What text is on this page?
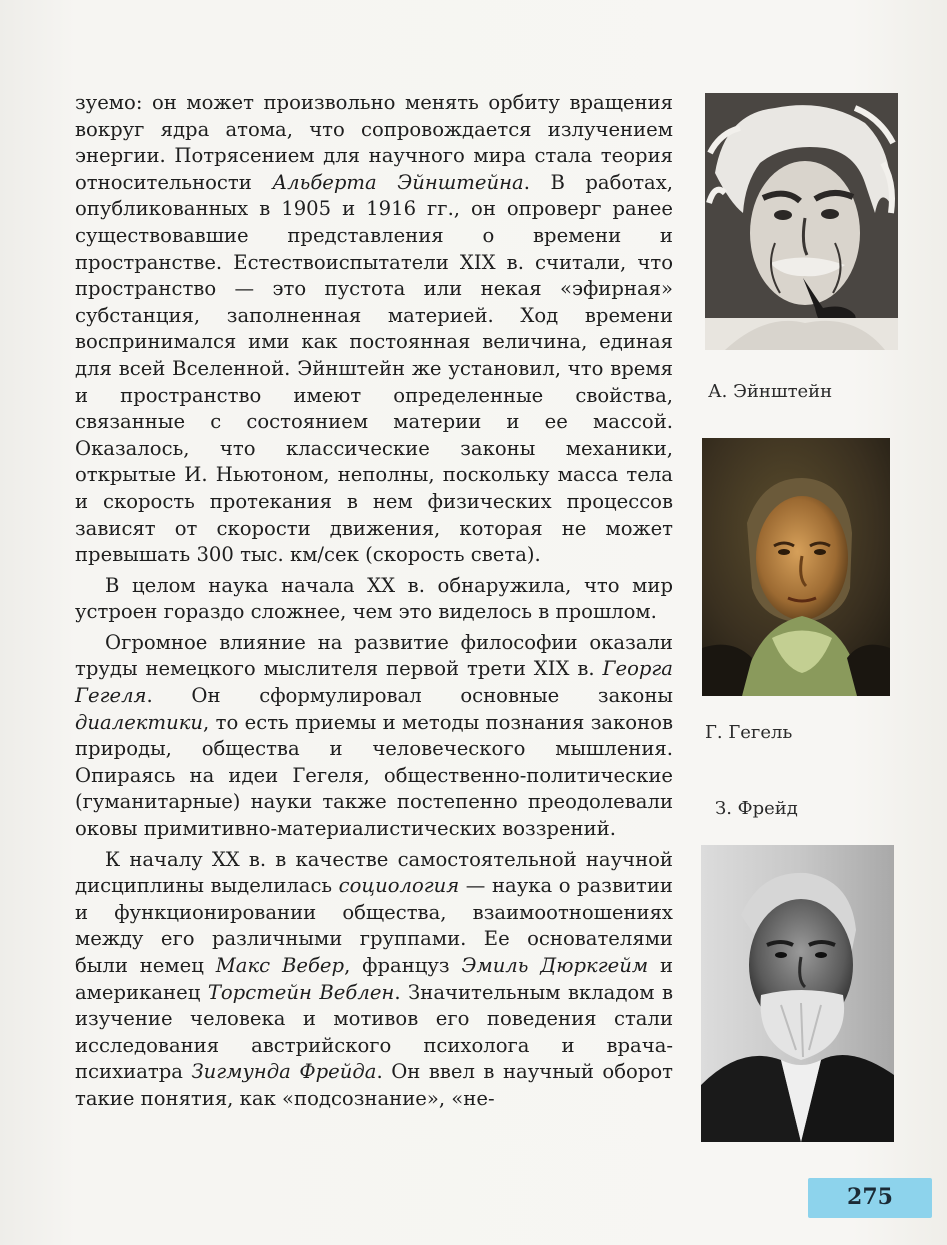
зуемо: он может произвольно менять орбиту вращения вокруг ядра атома, что сопровождается излучением энергии. Потрясением для научного мира стала теория относительности Альберта Эйнштейна. В работах, опубликованных в 1905 и 1916 гг., он опроверг ранее существовавшие представления о времени и пространстве. Естествоиспытатели XIX в. считали, что пространство — это пустота или некая «эфирная» субстанция, заполненная материей. Ход времени воспринимался ими как постоянная величина, единая для всей Вселенной. Эйнштейн же установил, что время и пространство имеют определенные свойства, связанные с состоянием материи и ее массой. Оказалось, что классические законы механики, открытые И. Ньютоном, неполны, поскольку масса тела и скорость протекания в нем физических процессов зависят от скорости движения, которая не может превышать 300 тыс. км/сек (скорость света).

В целом наука начала XX в. обнаружила, что мир устроен гораздо сложнее, чем это виделось в прошлом.

Огромное влияние на развитие философии оказали труды немецкого мыслителя первой трети XIX в. Георга Гегеля. Он сформулировал основные законы диалектики, то есть приемы и методы познания законов природы, общества и человеческого мышления. Опираясь на идеи Гегеля, общественно-политические (гуманитарные) науки также постепенно преодолевали оковы примитивно-материалистических воззрений.

К началу XX в. в качестве самостоятельной научной дисциплины выделилась социология — наука о развитии и функционировании общества, взаимоотношениях между его различными группами. Ее основателями были немец Макс Вебер, француз Эмиль Дюркгейм и американец Торстейн Веблен. Значительным вкладом в изучение человека и мотивов его поведения стали исследования австрийского психолога и врача-психиатра Зигмунда Фрейда. Он ввел в научный оборот такие понятия, как «подсознание», «не-

А. Эйнштейн
Г. Гегель
З. Фрейд
275
